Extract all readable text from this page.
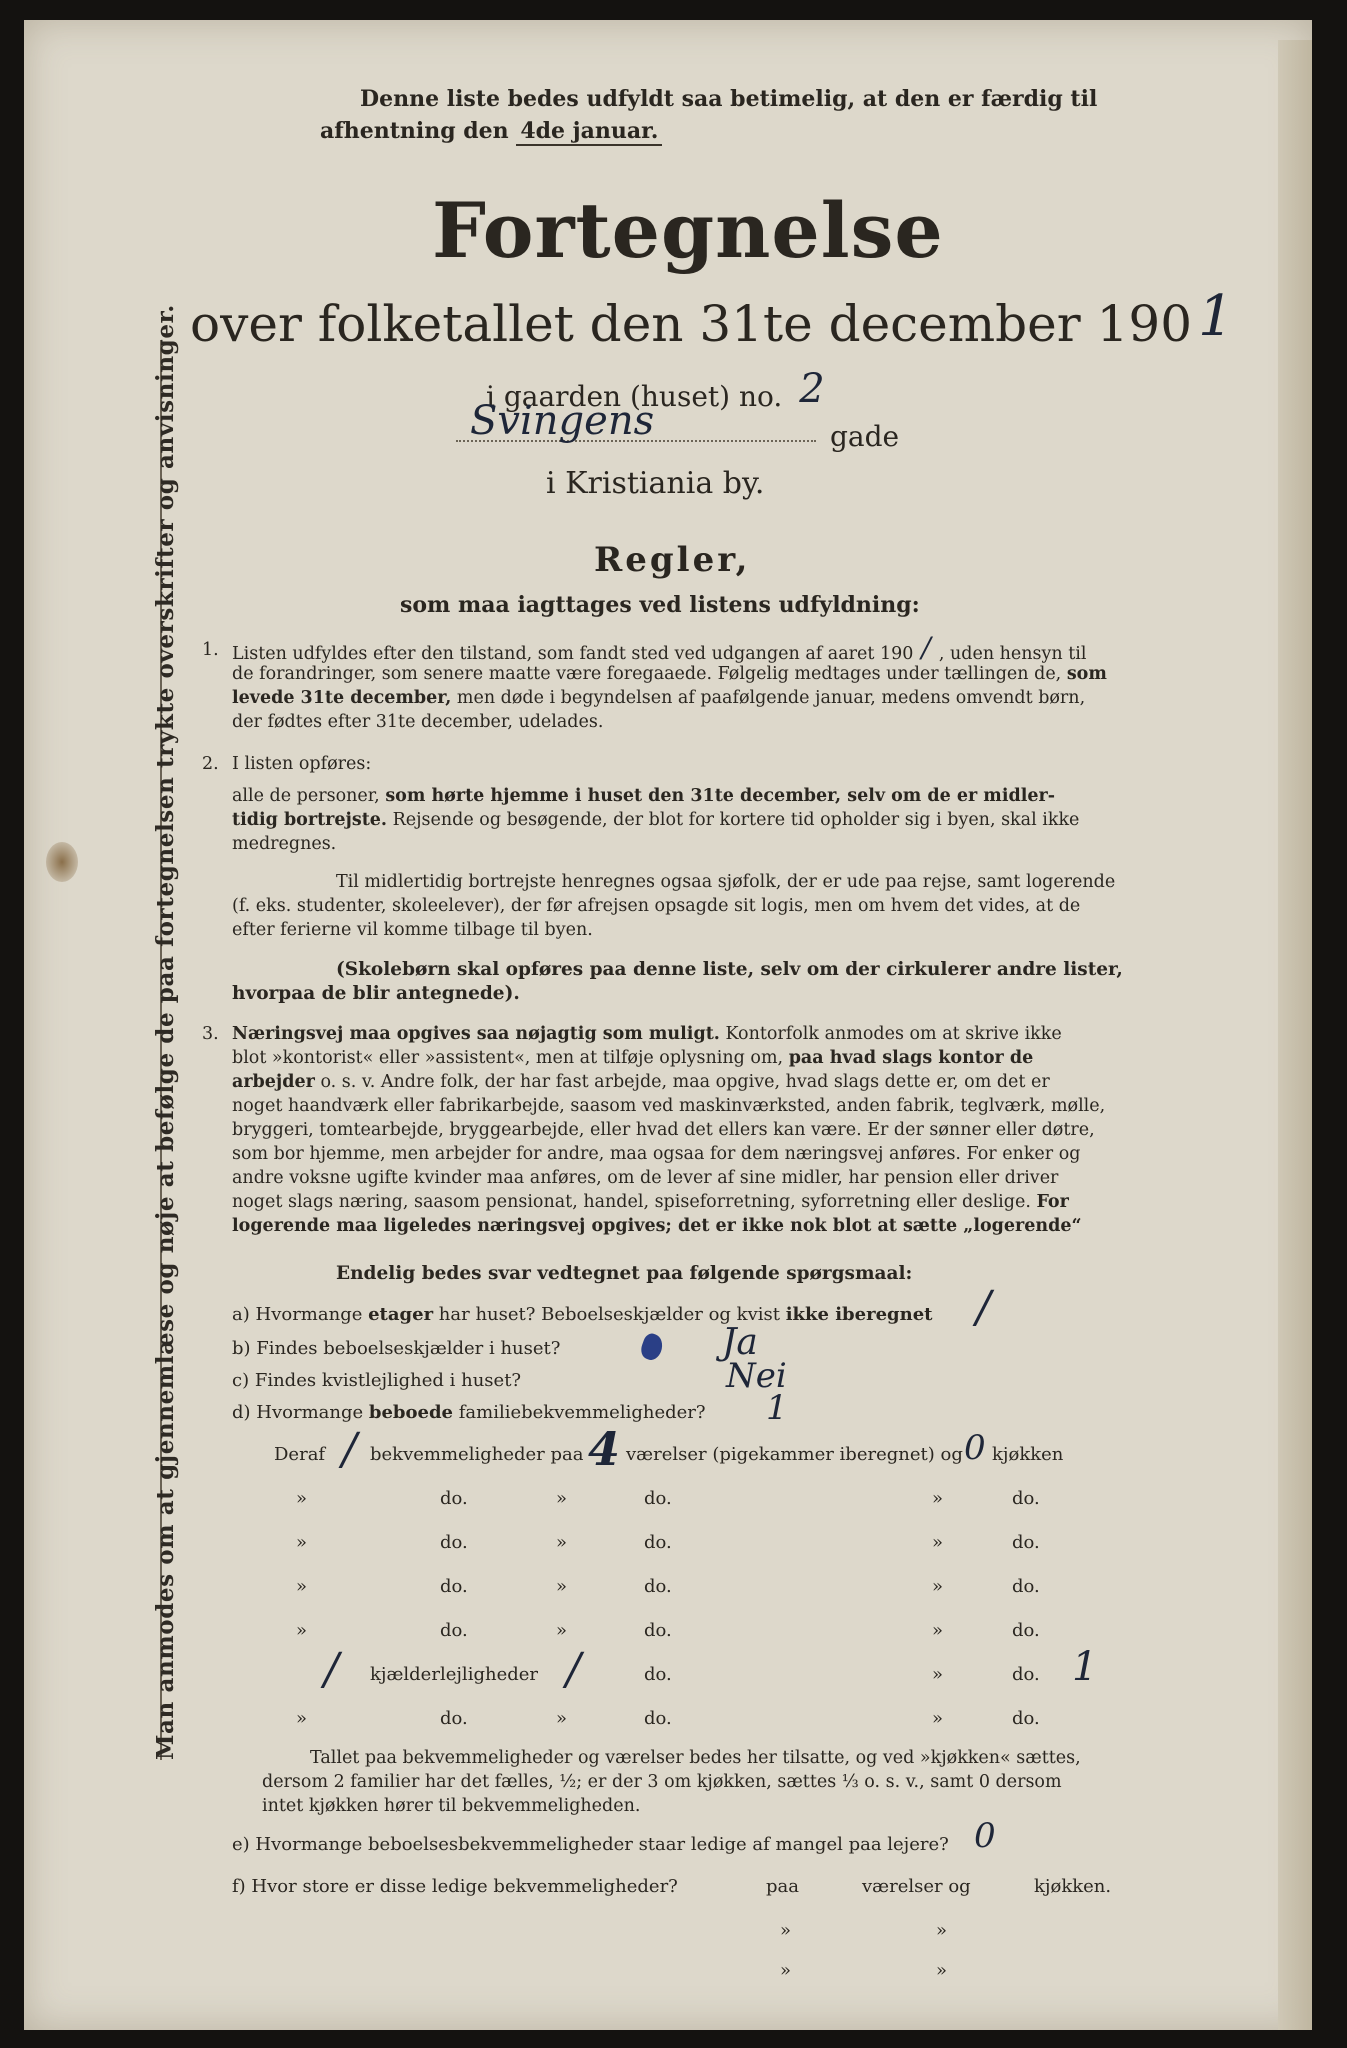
Man anmodes om at gjennemlæse og nøje at befølge de paa fortegnelsen trykte overskrifter og anvisninger.
Denne liste bedes udfyldt saa betimelig, at den er færdig til
afhentning den 4de januar.
Fortegnelse
over folketallet den 31te december 190 1
i gaarden (huset) no. 2
Svingens	gade
i Kristiania by.
Regler,
som maa iagttages ved listens udfyldning:
1. Listen udfyldes efter den tilstand, som fandt sted ved udgangen af aaret 190 / , uden hensyn til
de forandringer, som senere maatte være foregaaede. Følgelig medtages under tællingen de, som
levede 31te december, men døde i begyndelsen af paafølgende januar, medens omvendt børn,
der fødtes efter 31te december, udelades.
2. I listen opføres:
alle de personer, som hørte hjemme i huset den 31te december, selv om de er midler-
tidig bortrejste. Rejsende og besøgende, der blot for kortere tid opholder sig i byen, skal ikke
medregnes.
Til midlertidig bortrejste henregnes ogsaa sjøfolk, der er ude paa rejse, samt logerende
(f. eks. studenter, skoleelever), der før afrejsen opsagde sit logis, men om hvem det vides, at de
efter ferierne vil komme tilbage til byen.
(Skolebørn skal opføres paa denne liste, selv om der cirkulerer andre lister,
hvorpaa de blir antegnede).
3. Næringsvej maa opgives saa nøjagtig som muligt. Kontorfolk anmodes om at skrive ikke
blot »kontorist« eller »assistent«, men at tilføje oplysning om, paa hvad slags kontor de
arbejder o. s. v. Andre folk, der har fast arbejde, maa opgive, hvad slags dette er, om det er
noget haandværk eller fabrikarbejde, saasom ved maskinværksted, anden fabrik, teglværk, mølle,
bryggeri, tomtearbejde, bryggearbejde, eller hvad det ellers kan være. Er der sønner eller døtre,
som bor hjemme, men arbejder for andre, maa ogsaa for dem næringsvej anføres. For enker og
andre voksne ugifte kvinder maa anføres, om de lever af sine midler, har pension eller driver
noget slags næring, saasom pensionat, handel, spiseforretning, syforretning eller deslige. For
logerende maa ligeledes næringsvej opgives; det er ikke nok blot at sætte „logerende“
Endelig bedes svar vedtegnet paa følgende spørgsmaal:
a) Hvormange etager har huset? Beboelseskjælder og kvist ikke iberegnet /
b) Findes beboelseskjælder i huset?	Ja
c) Findes kvistlejlighed i huset?	Nei
d) Hvormange beboede familiebekvemmeligheder? 1
Deraf / bekvemmeligheder paa 4 værelser (pigekammer iberegnet) og 0 kjøkken
»	do.	»	do.	»	do.
»	do.	»	do.	»	do.
»	do.	»	do.	»	do.
»	do.	»	do.	»	do.
/ kjælderlejligheder /	do.	»	do. 1
»	do.	»	do.	»	do.
Tallet paa bekvemmeligheder og værelser bedes her tilsatte, og ved »kjøkken« sættes,
dersom 2 familier har det fælles, ½; er der 3 om kjøkken, sættes ⅓ o. s. v., samt 0 dersom
intet kjøkken hører til bekvemmeligheden.
e) Hvormange beboelsesbekvemmeligheder staar ledige af mangel paa lejere? 0
f) Hvor store er disse ledige bekvemmeligheder?	paa	værelser og	kjøkken.
»	»
»	»
